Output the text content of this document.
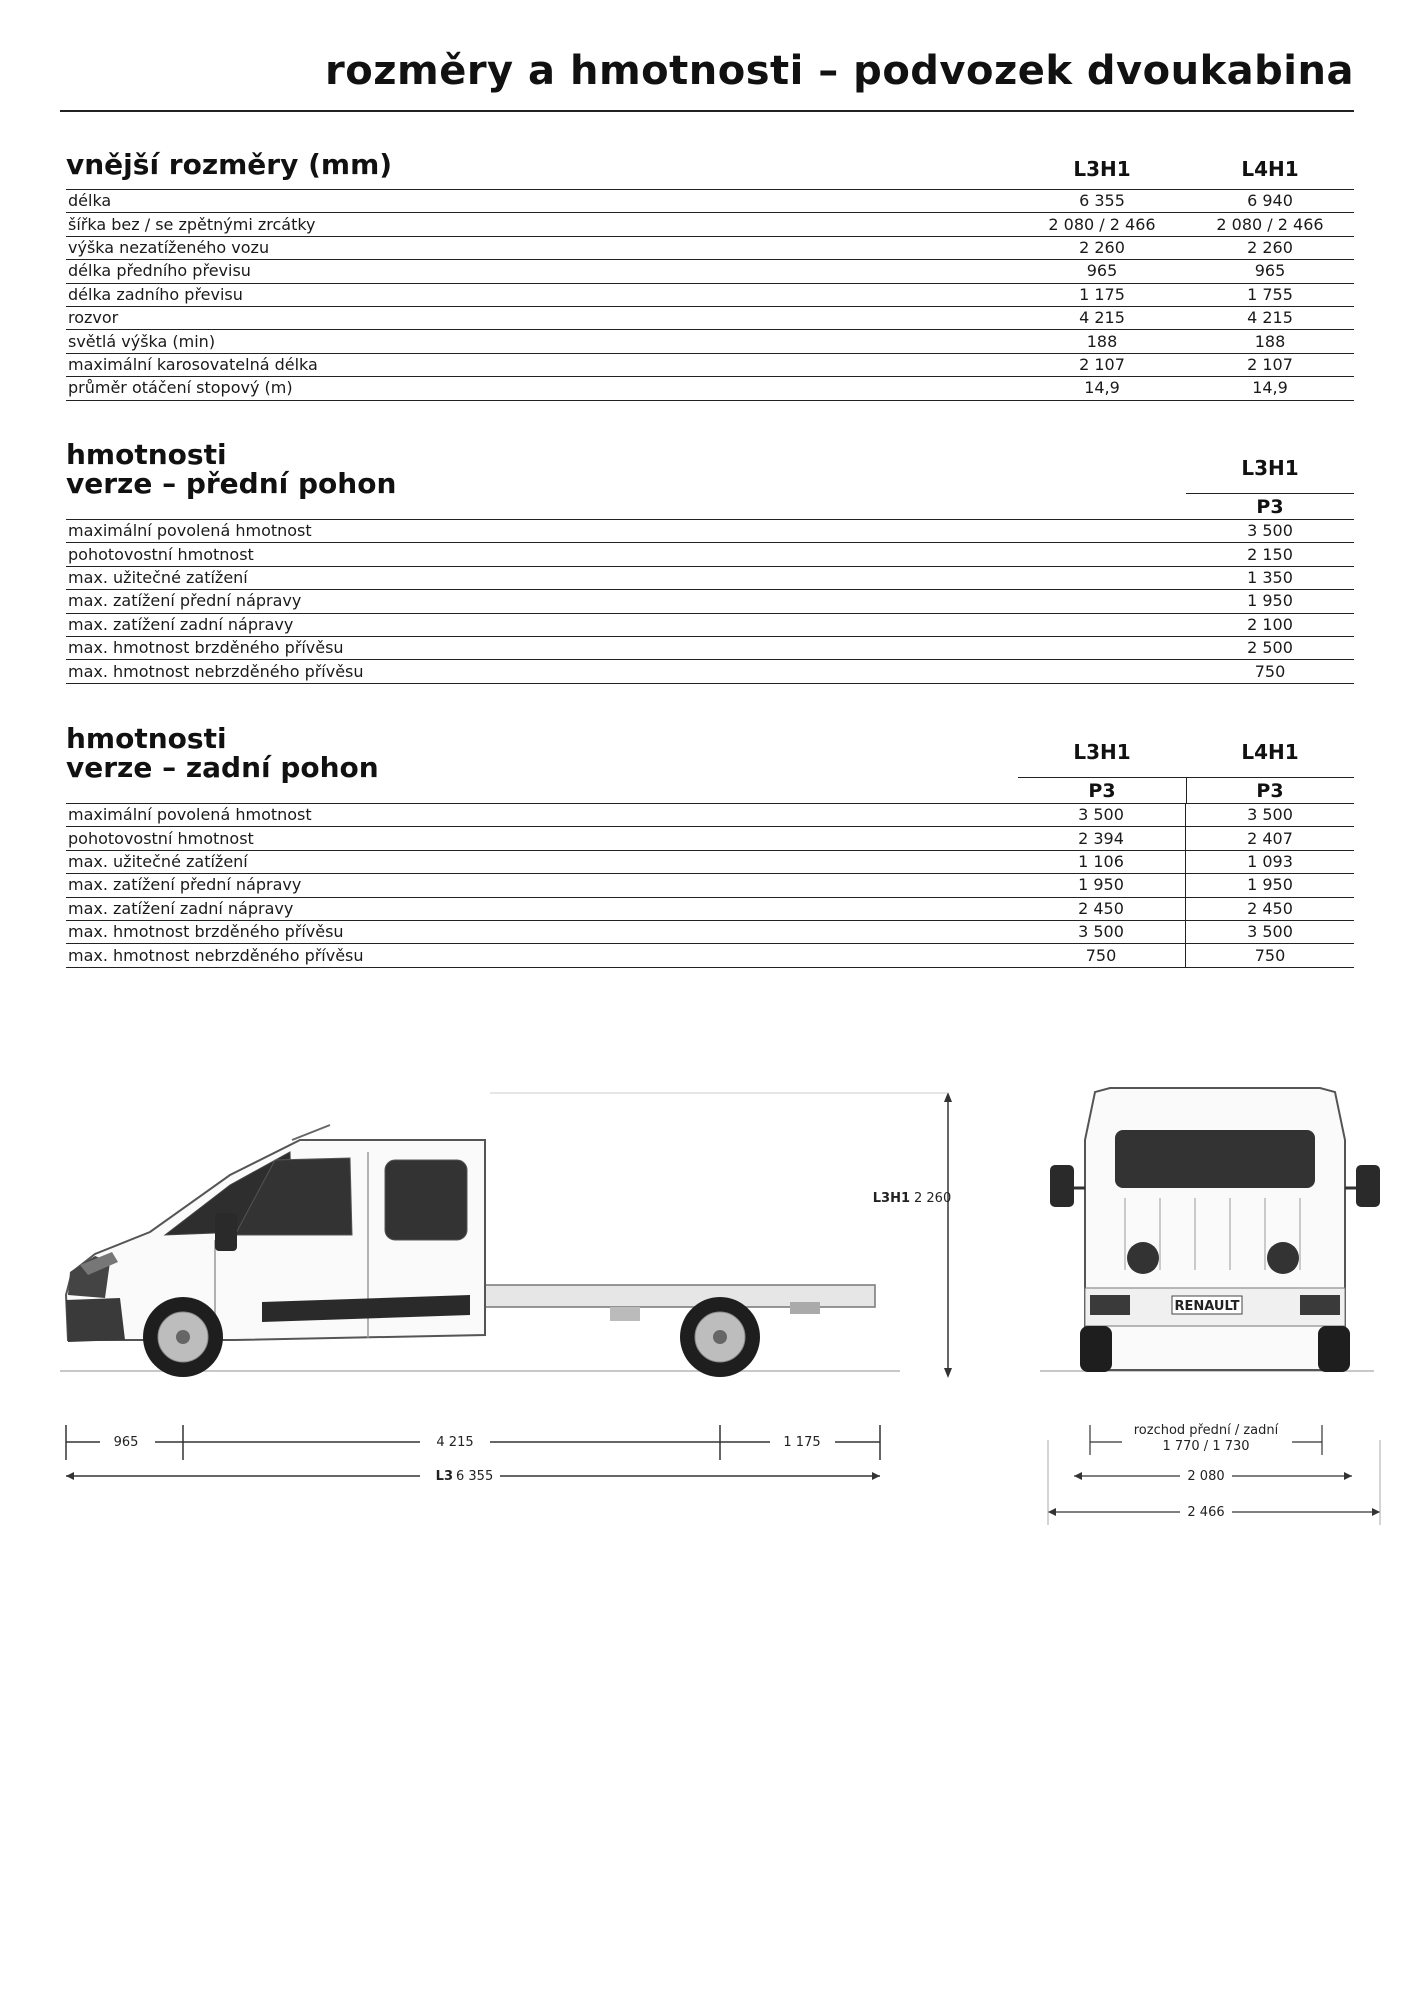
rozměry a hmotnosti – podvozek dvoukabina
vnější rozměry (mm)	L3H1	L4H1
délka	6 355	6 940
šířka bez / se zpětnými zrcátky	2 080 / 2 466	2 080 / 2 466
výška nezatíženého vozu	2 260	2 260
délka předního převisu	965	965
délka zadního převisu	1 175	1 755
rozvor	4 215	4 215
světlá výška (min)	188	188
maximální karosovatelná délka	2 107	2 107
průměr otáčení stopový (m)	14,9	14,9
hmotnosti
verze – přední pohon	L3H1
P3
maximální povolená hmotnost		3 500
pohotovostní hmotnost		2 150
max. užitečné zatížení		1 350
max. zatížení přední nápravy		1 950
max. zatížení zadní nápravy		2 100
max. hmotnost brzděného přívěsu		2 500
max. hmotnost nebrzděného přívěsu		750
hmotnosti
verze – zadní pohon	L3H1	L4H1
P3	P3
maximální povolená hmotnost	3 500	3 500
pohotovostní hmotnost	2 394	2 407
max. užitečné zatížení	1 106	1 093
max. zatížení přední nápravy	1 950	1 950
max. zatížení zadní nápravy	2 450	2 450
max. hmotnost brzděného přívěsu	3 500	3 500
max. hmotnost nebrzděného přívěsu	750	750
L3H1 2 260
965	4 215	1 175
L3 6 355
RENAULT
rozchod přední / zadní
1 770 / 1 730
2 080
2 466
